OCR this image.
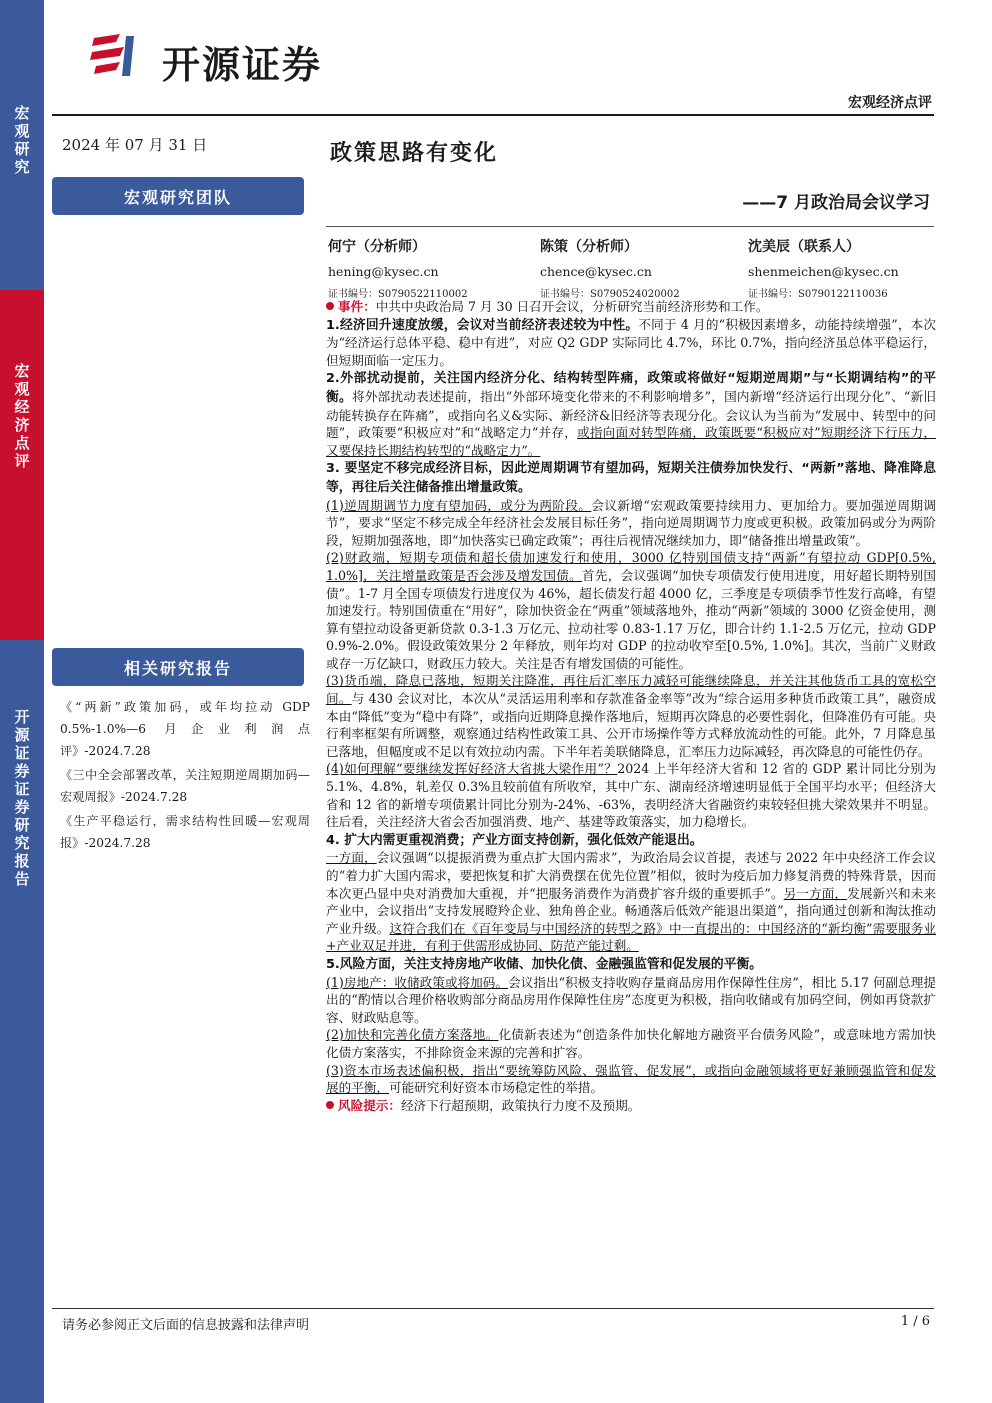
宏观研究
宏观经济点评
开源证券 证券研究报告
开源证券
宏观经济点评
2024 年 07 月 31 日	政策思路有变化
——7 月政治局会议学习
宏观研究团队
何宁（分析师）
hening@kysec.cn
证书编号：S0790522110002
陈策（分析师）
chence@kysec.cn
证书编号：S0790524020002
沈美辰（联系人）
shenmeichen@kysec.cn
证书编号：S0790122110036
相关研究报告
《“两新”政策加码，或年均拉动 GDP 0.5%-1.0%—6 月企业利润点评》-2024.7.28
《三中全会部署改革，关注短期逆周期加码—宏观周报》-2024.7.28
《生产平稳运行，需求结构性回暖—宏观周报》-2024.7.28

事件：中共中央政治局 7 月 30 日召开会议，分析研究当前经济形势和工作。

1.经济回升速度放缓，会议对当前经济表述较为中性。不同于 4 月的“积极因素增多，动能持续增强”，本次为“经济运行总体平稳、稳中有进”，对应 Q2 GDP 实际同比 4.7%，环比 0.7%，指向经济虽总体平稳运行，但短期面临一定压力。

2.外部扰动提前，关注国内经济分化、结构转型阵痛，政策或将做好“短期逆周期”与“长期调结构”的平衡。将外部扰动表述提前，指出“外部环境变化带来的不利影响增多”，国内新增“经济运行出现分化”、“新旧动能转换存在阵痛”，或指向名义&实际、新经济&旧经济等表现分化。会议认为当前为“发展中、转型中的问题”，政策要“积极应对”和“战略定力”并存，或指向面对转型阵痛，政策既要“积极应对”短期经济下行压力，又要保持长期结构转型的“战略定力”。

3. 要坚定不移完成经济目标，因此逆周期调节有望加码，短期关注债券加快发行、“两新”落地、降准降息等，再往后关注储备推出增量政策。

(1)逆周期调节力度有望加码，或分为两阶段。会议新增“宏观政策要持续用力、更加给力。要加强逆周期调节”，要求“坚定不移完成全年经济社会发展目标任务”，指向逆周期调节力度或更积极。政策加码或分为两阶段，短期加强落地，即“加快落实已确定政策”；再往后视情况继续加力，即“储备推出增量政策”。

(2)财政端，短期专项债和超长债加速发行和使用，3000 亿特别国债支持“两新”有望拉动 GDP[0.5%, 1.0%]，关注增量政策是否会涉及增发国债。首先，会议强调“加快专项债发行使用进度，用好超长期特别国债”。1-7 月全国专项债发行进度仅为 46%，超长债发行超 4000 亿，三季度是专项债季节性发行高峰，有望加速发行。特别国债重在“用好”，除加快资金在“两重”领域落地外，推动“两新”领域的 3000 亿资金使用，测算有望拉动设备更新贷款 0.3-1.3 万亿元、拉动社零 0.83-1.17 万亿，即合计约 1.1-2.5 万亿元，拉动 GDP 0.9%-2.0%。假设政策效果分 2 年释放，则年均对 GDP 的拉动收窄至[0.5%, 1.0%]。其次，当前广义财政或存一万亿缺口，财政压力较大。关注是否有增发国债的可能性。

(3)货币端，降息已落地，短期关注降准，再往后汇率压力减轻可能继续降息，并关注其他货币工具的宽松空间。与 430 会议对比，本次从“灵活运用利率和存款准备金率等”改为“综合运用多种货币政策工具”，融资成本由“降低”变为“稳中有降”，或指向近期降息操作落地后，短期再次降息的必要性弱化，但降准仍有可能。央行利率框架有所调整，观察通过结构性政策工具、公开市场操作等方式释放流动性的可能。此外，7 月降息虽已落地，但幅度或不足以有效拉动内需。下半年若美联储降息，汇率压力边际减轻，再次降息的可能性仍存。

(4)如何理解“要继续发挥好经济大省挑大梁作用”？2024 上半年经济大省和 12 省的 GDP 累计同比分别为 5.1%、4.8%，轧差仅 0.3%且较前值有所收窄，其中广东、湖南经济增速明显低于全国平均水平；但经济大省和 12 省的新增专项债累计同比分别为-24%、-63%，表明经济大省融资约束较轻但挑大梁效果并不明显。往后看，关注经济大省会否加强消费、地产、基建等政策落实，加力稳增长。

4. 扩大内需更重视消费；产业方面支持创新，强化低效产能退出。

一方面，会议强调“以提振消费为重点扩大国内需求”，为政治局会议首提，表述与 2022 年中央经济工作会议的“着力扩大国内需求，要把恢复和扩大消费摆在优先位置”相似，彼时为疫后加力修复消费的特殊背景，因而本次更凸显中央对消费加大重视，并“把服务消费作为消费扩容升级的重要抓手”。另一方面，发展新兴和未来产业中，会议指出“支持发展瞪羚企业、独角兽企业。畅通落后低效产能退出渠道”，指向通过创新和淘汰推动产业升级。这符合我们在《百年变局与中国经济的转型之路》中一直提出的：中国经济的“新均衡”需要服务业+产业双足并进，有利于供需形成协同、防范产能过剩。

5.风险方面，关注支持房地产收储、加快化债、金融强监管和促发展的平衡。

(1)房地产：收储政策或将加码。会议指出“积极支持收购存量商品房用作保障性住房”，相比 5.17 何副总理提出的“酌情以合理价格收购部分商品房用作保障性住房”态度更为积极，指向收储或有加码空间，例如再贷款扩容、财政贴息等。

(2)加快和完善化债方案落地。化债新表述为“创造条件加快化解地方融资平台债务风险”，或意味地方需加快化债方案落实，不排除资金来源的完善和扩容。

(3)资本市场表述偏积极，指出“要统筹防风险、强监管、促发展”，或指向金融领域将更好兼顾强监管和促发展的平衡，可能研究利好资本市场稳定性的举措。

风险提示：经济下行超预期，政策执行力度不及预期。

请务必参阅正文后面的信息披露和法律声明	1 / 6
